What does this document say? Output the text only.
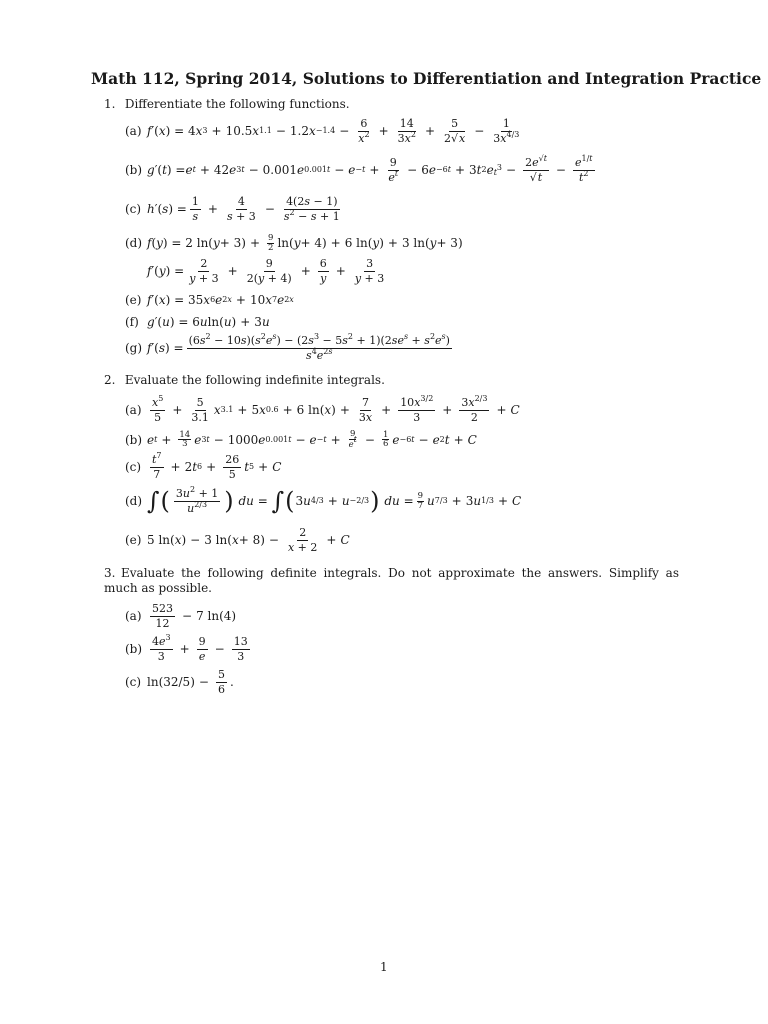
Math 112, Spring 2014, Solutions to Differentiation and Integration Practice
1. Differentiate the following functions.
(a) f ′( x ) = 4 x 3 + 10.5 x 1.1 − 1.2 $x -1.4 - \frac{6}{x^2} + \frac{14}{3x^2} + \frac{5}{2√x} - \frac{1}{3x^{4/3}}$
(b) g ′( t ) = e t + 42 e 3t − 0.001 e $0.001t - e -t + \frac{9}{e^t} - 6$ e −6t + 3 t 2 e $t^3 - \frac{2e^{√t}}{√t} - \frac{e^{1/t}}{t^2}$
(c) h ′( s ) = $\frac{1}{s} + \frac{4}{s + 3} - \frac{4(2s - 1)}{s^2 - s + 1}$
(d) f ( y ) = 2 ln( $y + 3) + \frac{9}{2} \ln$( y + 4) + 6 ln( y ) + 3 ln( y + 3)
f ′( y ) = $\frac{2}{y + 3} + \frac{9}{2(y + 4)} + \frac{6}{y} + \frac{3}{y + 3}$
(e) f ′( x ) = 35 x 6 e 2x + 10 x 7 e 2x
(f) g ′( u ) = 6 u ln( u ) + 3 u
(g) f ′( s ) = $\frac{(6s^2 - 10s)(s^2e^s) - (2s^3 - 5s^2 + 1)(2se^s + s^2e^s)}{s^4e^{2s}}$
2. Evaluate the following indefinite integrals.
$(a) \frac{x^5}{5} + \frac{5}{3.1}$ x 3.1 + 5 x 0.6 + 6 ln( x ) + $\frac{7}{3x} + \frac{10x^{3/2}}{3} + \frac{3x^{2/3}}{2} + C$
(b) e $t + \frac{14}{3}$ e 3t − 1000 e $0.001t - e -t + \frac{9}{e^t} - \frac{1}{6}$ e −6t − e 2 t + C
$(c) \frac{t^7}{7} + 2$ t $6 + \frac{26}{5}$ t 5 + C
(d) ∫ ( $\frac{3u^2 + 1}{u^{2/3}}$ )
du = ∫ ( 3 u 4/3 + u −2/3 )
du = $\frac{9}{7}$ u 7/3 + 3 u 1/3 + C
(e) 5 ln( x ) − 3 ln( $x + 8) - \frac{2}{x + 2} + C$
3. Evaluate the following definite integrals. Do not approximate the answers. Simplify as much as possible.
$(a) \frac{523}{12} - 7$ ln(4)
$(b) \frac{4e^3}{3} + \frac{9}{e} - \frac{13}{3}$
(c) $\ln(32/5) - \frac{5}{6}$ .
1
